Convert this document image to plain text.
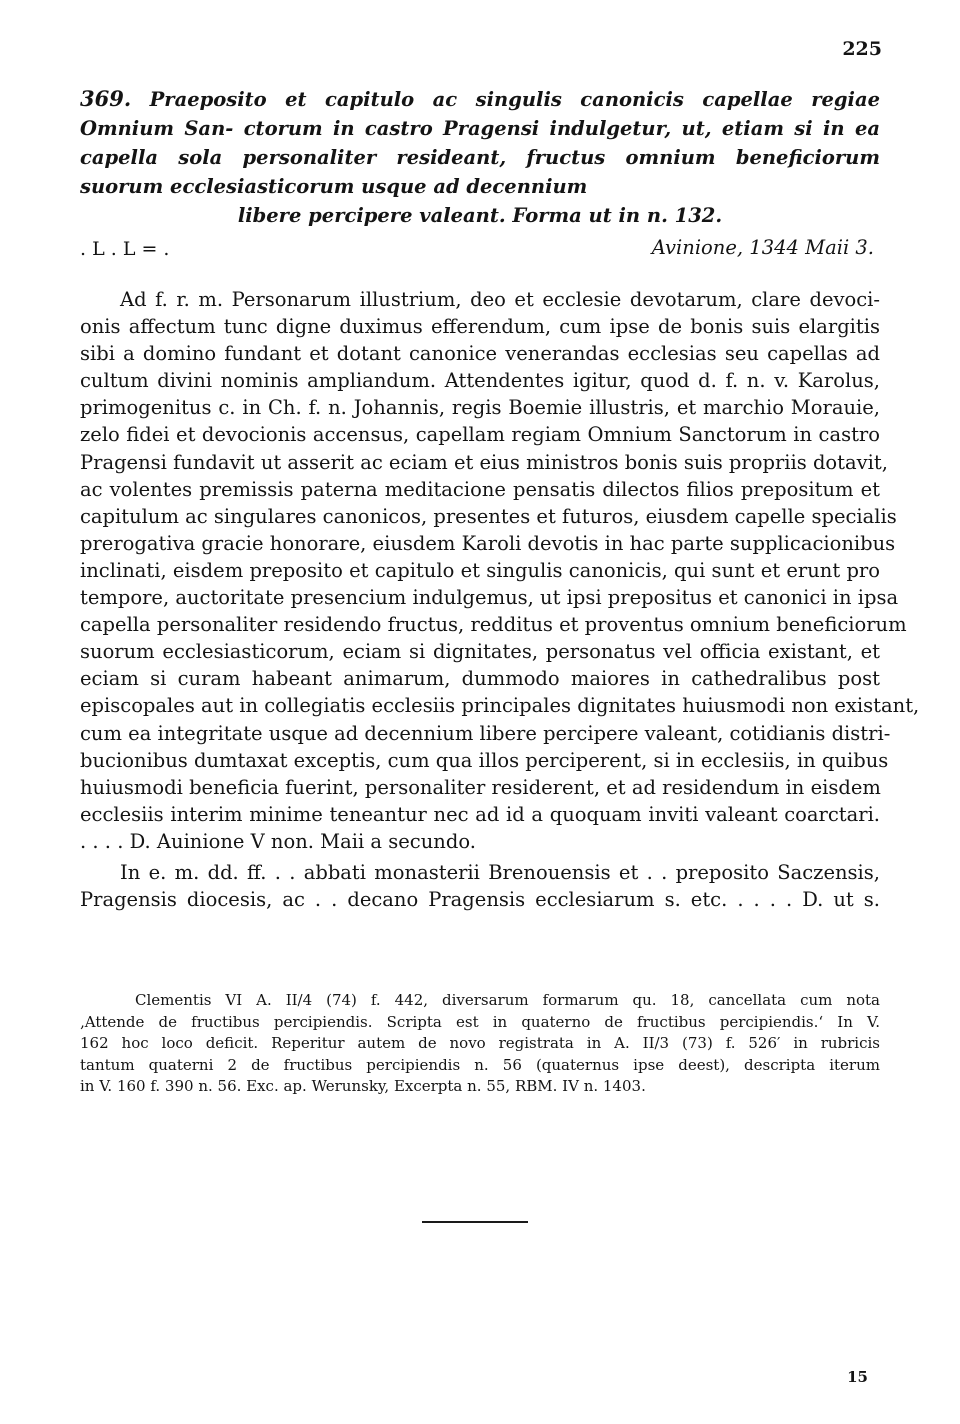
225
369. Praeposito et capitulo ac singulis canonicis capellae regiae Omnium San- ctorum in castro Pragensi indulgetur, ut, etiam si in ea capella sola personaliter resideant, fructus omnium beneficiorum suorum ecclesiasticorum usque ad decennium
libere percipere valeant. Forma ut in n. 132.
. L . L = .	Avinione, 1344 Maii 3.
Ad f. r. m. Personarum illustrium, deo et ecclesie devotarum, clare devoci-
onis affectum tunc digne duximus efferendum, cum ipse de bonis suis elargitis
sibi a domino fundant et dotant canonice venerandas ecclesias seu capellas ad
cultum divini nominis ampliandum. Attendentes igitur, quod d. f. n. v. Karolus,
primogenitus c. in Ch. f. n. Johannis, regis Boemie illustris, et marchio Morauie,
zelo fidei et devocionis accensus, capellam regiam Omnium Sanctorum in castro
Pragensi fundavit ut asserit ac eciam et eius ministros bonis suis propriis dotavit,
ac volentes premissis paterna meditacione pensatis dilectos filios prepositum et
capitulum ac singulares canonicos, presentes et futuros, eiusdem capelle specialis
prerogativa gracie honorare, eiusdem Karoli devotis in hac parte supplicacionibus
inclinati, eisdem preposito et capitulo et singulis canonicis, qui sunt et erunt pro
tempore, auctoritate presencium indulgemus, ut ipsi prepositus et canonici in ipsa
capella personaliter residendo fructus, redditus et proventus omnium beneficiorum
suorum ecclesiasticorum, eciam si dignitates, personatus vel officia existant, et
eciam si curam habeant animarum, dummodo maiores in cathedralibus post
episcopales aut in collegiatis ecclesiis principales dignitates huiusmodi non existant,
cum ea integritate usque ad decennium libere percipere valeant, cotidianis distri-
bucionibus dumtaxat exceptis, cum qua illos perciperent, si in ecclesiis, in quibus
huiusmodi beneficia fuerint, personaliter residerent, et ad residendum in eisdem
ecclesiis interim minime teneantur nec ad id a quoquam inviti valeant coarctari.
. . . . D. Auinione V non. Maii a secundo.
In e. m. dd. ff. . . abbati monasterii Brenouensis et . . preposito Saczensis,
Pragensis diocesis, ac . . decano Pragensis ecclesiarum s. etc. . . . . D. ut s.
Clementis VI A. II/4 (74) f. 442, diversarum formarum qu. 18, cancellata cum nota
‚Attende de fructibus percipiendis. Scripta est in quaterno de fructibus percipiendis.‘ In V.
162 hoc loco deficit. Reperitur autem de novo registrata in A. II/3 (73) f. 526′ in rubricis
tantum quaterni 2 de fructibus percipiendis n. 56 (quaternus ipse deest), descripta iterum
in V. 160 f. 390 n. 56. Exc. ap. Werunsky, Excerpta n. 55, RBM. IV n. 1403.
15
